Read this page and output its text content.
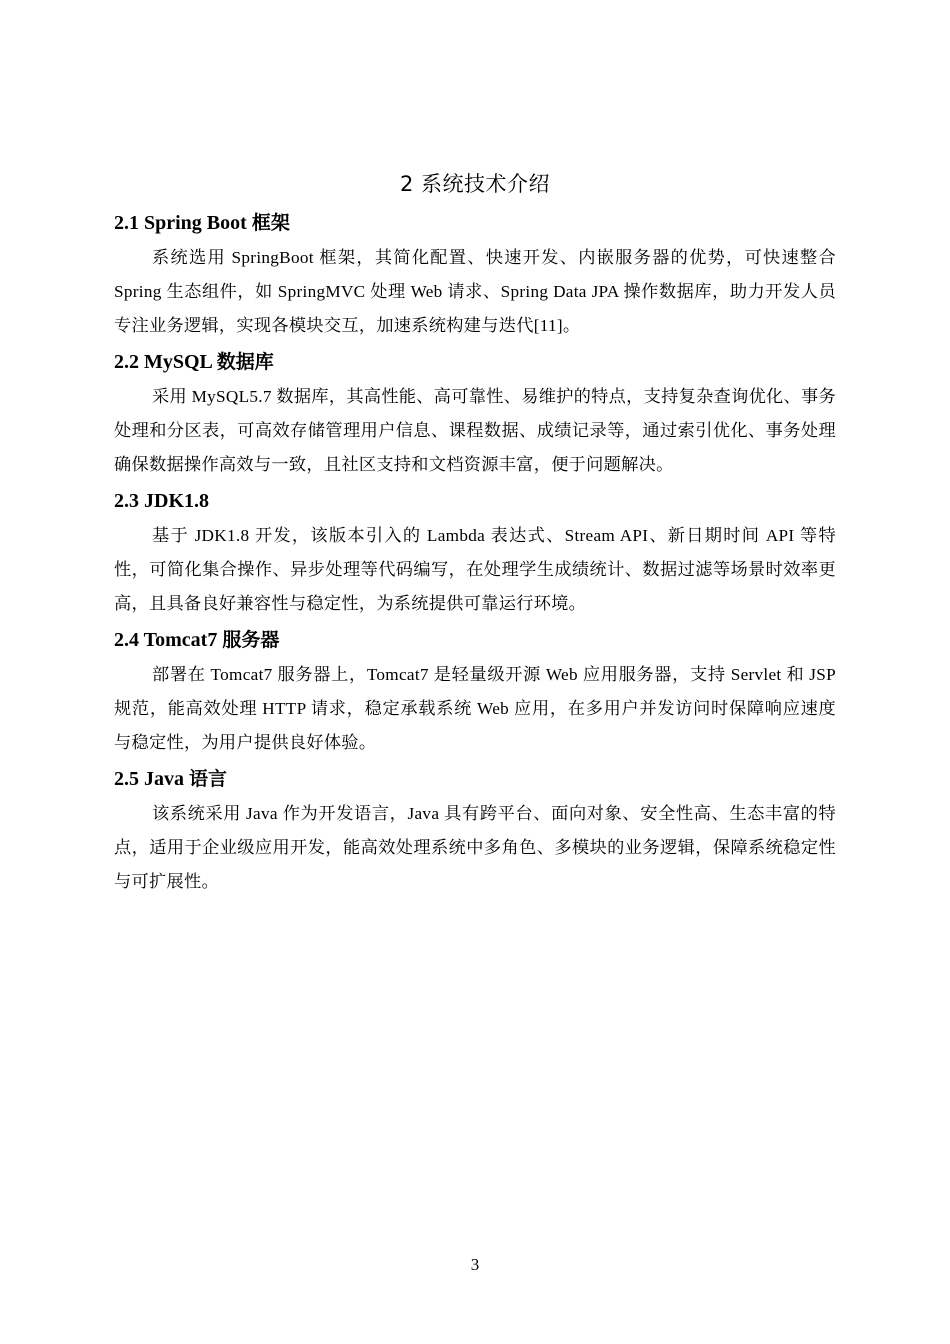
2 系统技术介绍
2.1 Spring Boot 框架

系统选用 SpringBoot 框架，其简化配置、快速开发、内嵌服务器的优势，可快速整合 Spring 生态组件，如 SpringMVC 处理 Web 请求、Spring Data JPA 操作数据库，助力开发人员专注业务逻辑，实现各模块交互，加速系统构建与迭代[11]。

2.2 MySQL 数据库

采用 MySQL5.7 数据库，其高性能、高可靠性、易维护的特点，支持复杂查询优化、事务处理和分区表，可高效存储管理用户信息、课程数据、成绩记录等，通过索引优化、事务处理确保数据操作高效与一致，且社区支持和文档资源丰富，便于问题解决。

2.3 JDK1.8

基于 JDK1.8 开发，该版本引入的 Lambda 表达式、Stream API、新日期时间 API 等特性，可简化集合操作、异步处理等代码编写，在处理学生成绩统计、数据过滤等场景时效率更高，且具备良好兼容性与稳定性，为系统提供可靠运行环境。

2.4 Tomcat7 服务器

部署在 Tomcat7 服务器上，Tomcat7 是轻量级开源 Web 应用服务器，支持 Servlet 和 JSP 规范，能高效处理 HTTP 请求，稳定承载系统 Web 应用，在多用户并发访问时保障响应速度与稳定性，为用户提供良好体验。

2.5 Java 语言

该系统采用 Java 作为开发语言，Java 具有跨平台、面向对象、安全性高、生态丰富的特点，适用于企业级应用开发，能高效处理系统中多角色、多模块的业务逻辑，保障系统稳定性与可扩展性。

3
